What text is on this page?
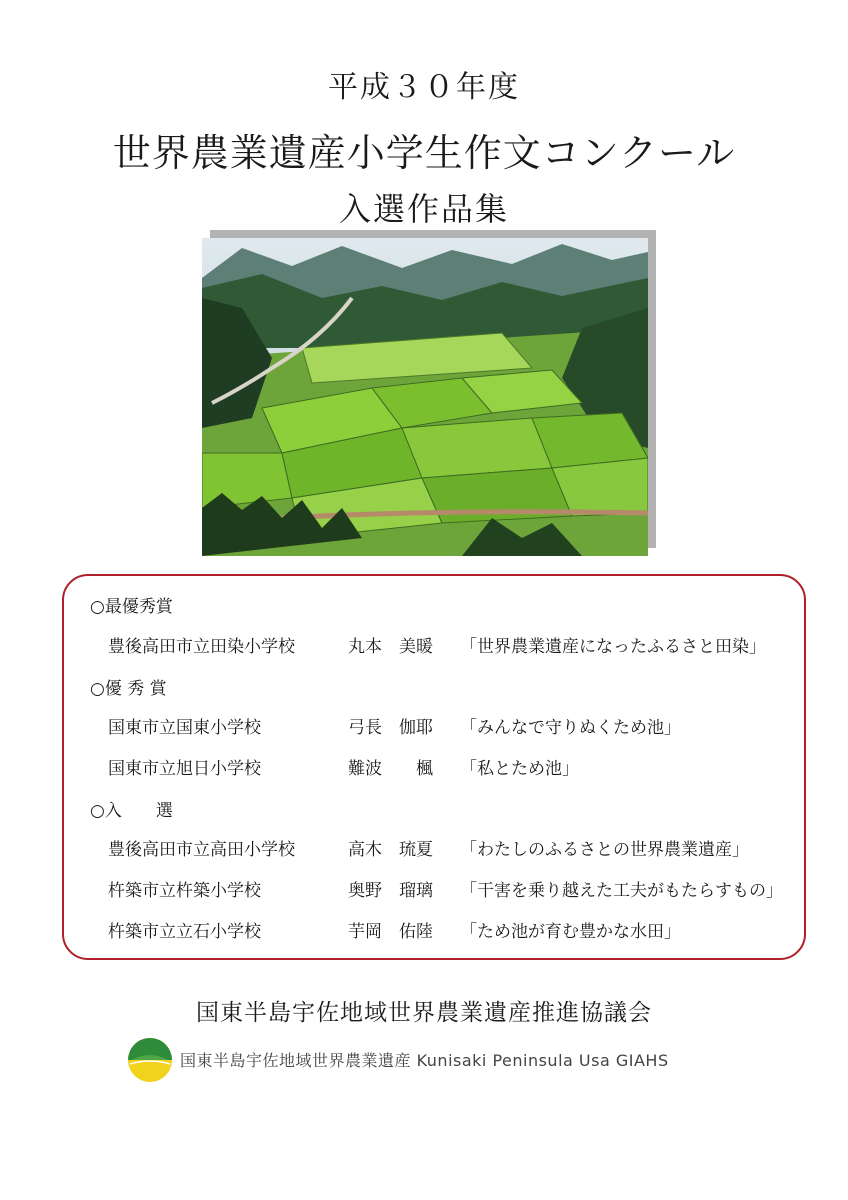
平成３０年度
世界農業遺産小学生作文コンクール
入選作品集
○最優秀賞
豊後高田市立田染小学校	丸本　美暖 「世界農業遺産になったふるさと田染」
○優 秀 賞
国東市立国東小学校	弓長　伽耶 「みんなで守りぬくため池」
国東市立旭日小学校	難波　　楓 「私とため池」
○入　　選
豊後高田市立高田小学校	高木　琉夏 「わたしのふるさとの世界農業遺産」
杵築市立杵築小学校	奥野　瑠璃 「干害を乗り越えた工夫がもたらすもの」
杵築市立立石小学校	芋岡　佑陸 「ため池が育む豊かな水田」
国東半島宇佐地域世界農業遺産推進協議会
国東半島宇佐地域世界農業遺産 Kunisaki Peninsula Usa GIAHS
